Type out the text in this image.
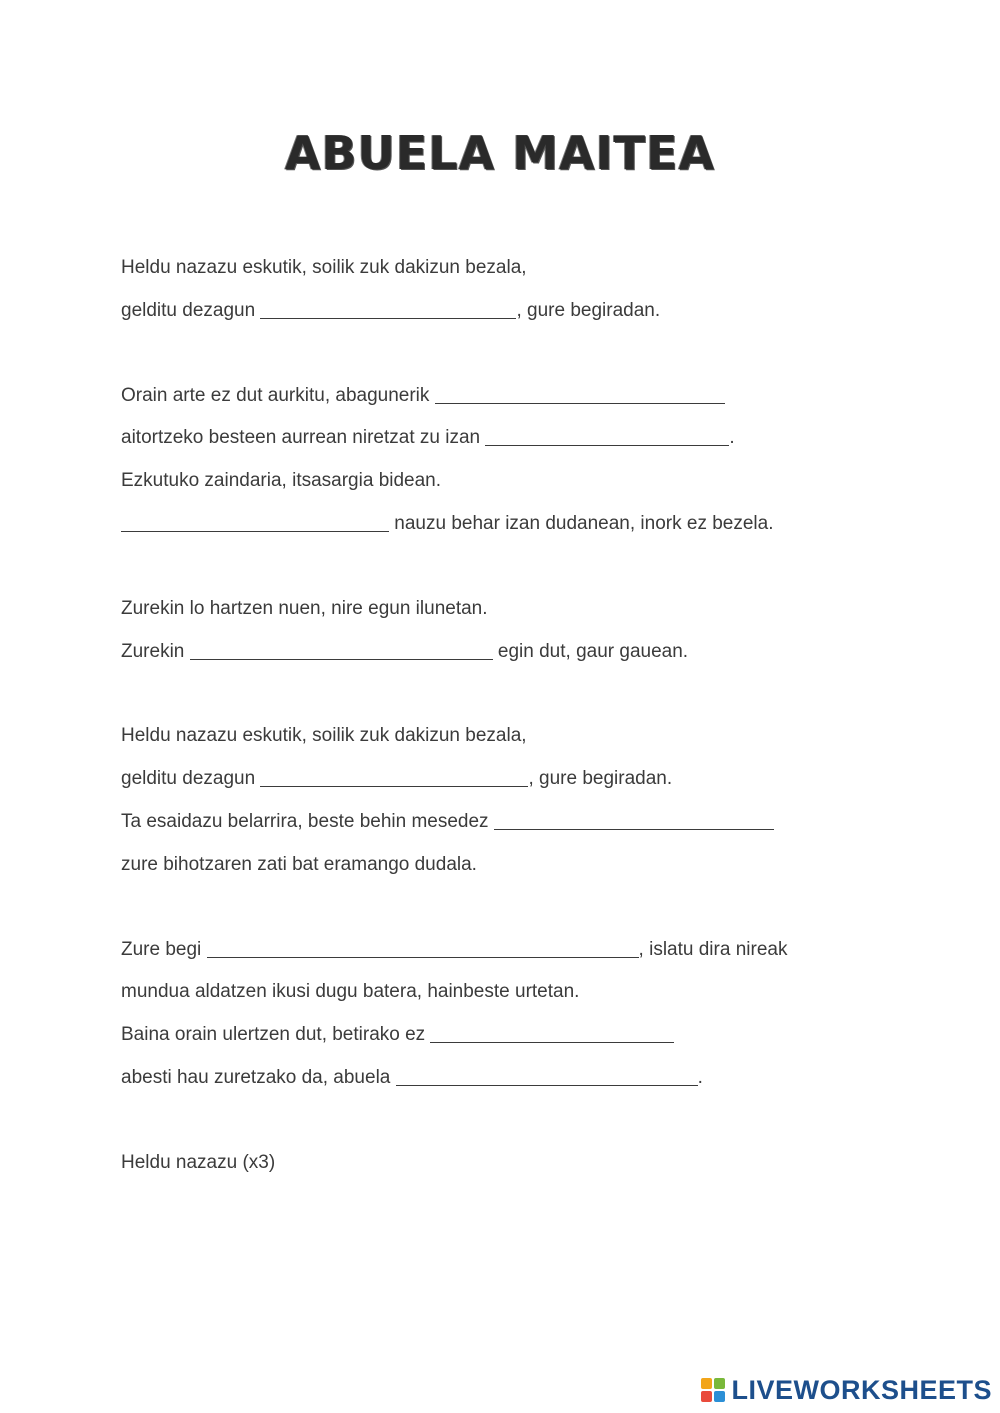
ABUELA MAITEA
Heldu nazazu eskutik, soilik zuk dakizun bezala,
gelditu dezagun	, gure begiradan.
Orain arte ez dut aurkitu, abagunerik
aitortzeko besteen aurrean niretzat zu izan	.
Ezkutuko zaindaria, itsasargia bidean.
nauzu behar izan dudanean, inork ez bezela.
Zurekin lo hartzen nuen, nire egun ilunetan.
Zurekin	egin dut, gaur gauean.
Heldu nazazu eskutik, soilik zuk dakizun bezala,
gelditu dezagun	, gure begiradan.
Ta esaidazu belarrira, beste behin mesedez
zure bihotzaren zati bat eramango dudala.
Zure begi	, islatu dira nireak
mundua aldatzen ikusi dugu batera, hainbeste urtetan.
Baina orain ulertzen dut, betirako ez
abesti hau zuretzako da, abuela	.
Heldu nazazu (x3)
LIVEWORKSHEETS
